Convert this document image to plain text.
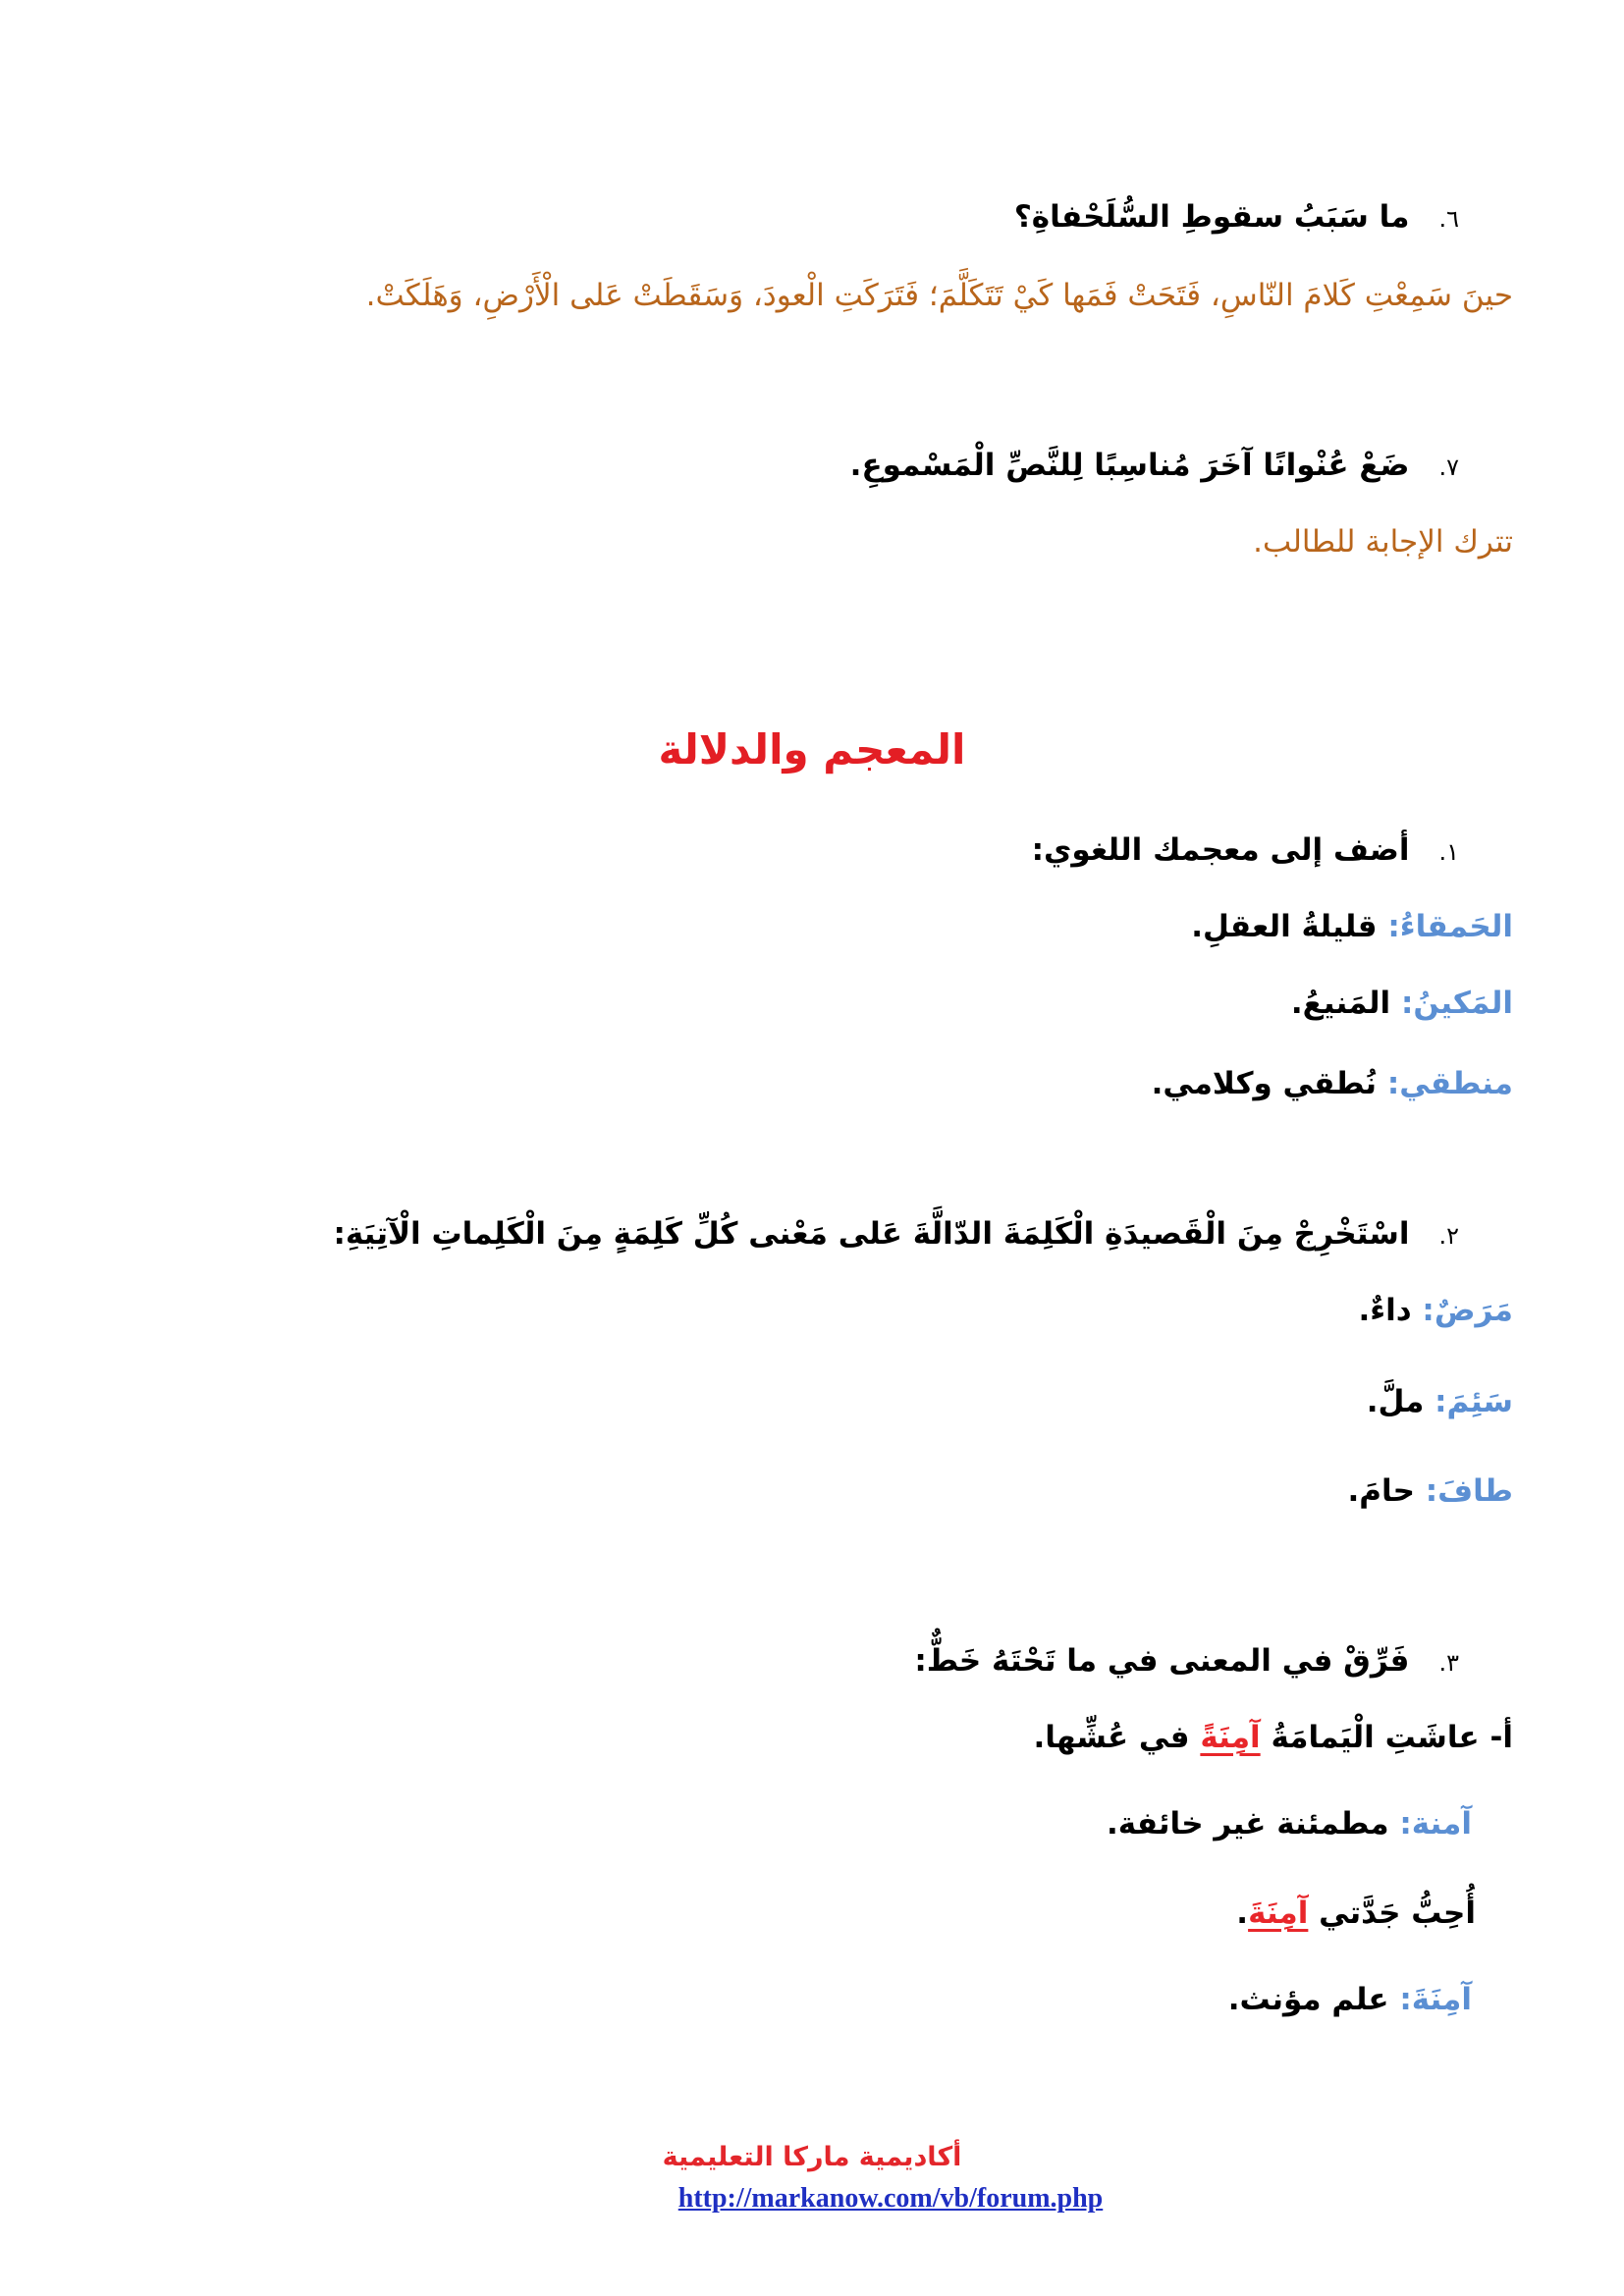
٦.ما سَبَبُ سقوطِ السُّلَحْفاةِ؟
حينَ سَمِعْتِ كَلامَ النّاسِ، فَتَحَتْ فَمَها كَيْ تَتَكَلَّمَ؛ فَتَرَكَتِ الْعودَ، وَسَقَطَتْ عَلى الْأَرْضِ، وَهَلَكَتْ.
٧.ضَعْ عُنْوانًا آخَرَ مُناسِبًا لِلنَّصِّ الْمَسْموعِ.
تترك الإجابة للطالب.
المعجم والدلالة
١.أضف إلى معجمك اللغوي:
الحَمقاءُ: قليلةُ العقلِ.
المَكينُ: المَنيعُ.
منطقي: نُطقي وكلامي.
٢.اسْتَخْرِجْ مِنَ الْقَصيدَةِ الْكَلِمَةَ الدّالَّةَ عَلى مَعْنى كُلِّ كَلِمَةٍ مِنَ الْكَلِماتِ الْآتِيَةِ:
مَرَضٌ: داءٌ.
سَئِمَ: ملَّ.
طافَ: حامَ.
٣.فَرِّقْ في المعنى في ما تَحْتَهُ خَطٌّ:
أ- عاشَتِ الْيَمامَةُ آمِنَةً في عُشِّها.
آمنة: مطمئنة غير خائفة.
أُحِبُّ جَدَّتي آمِنَةَ.
آمِنَةَ: علم مؤنث.
أكاديمية ماركا التعليمية
http://markanow.com/vb/forum.php
